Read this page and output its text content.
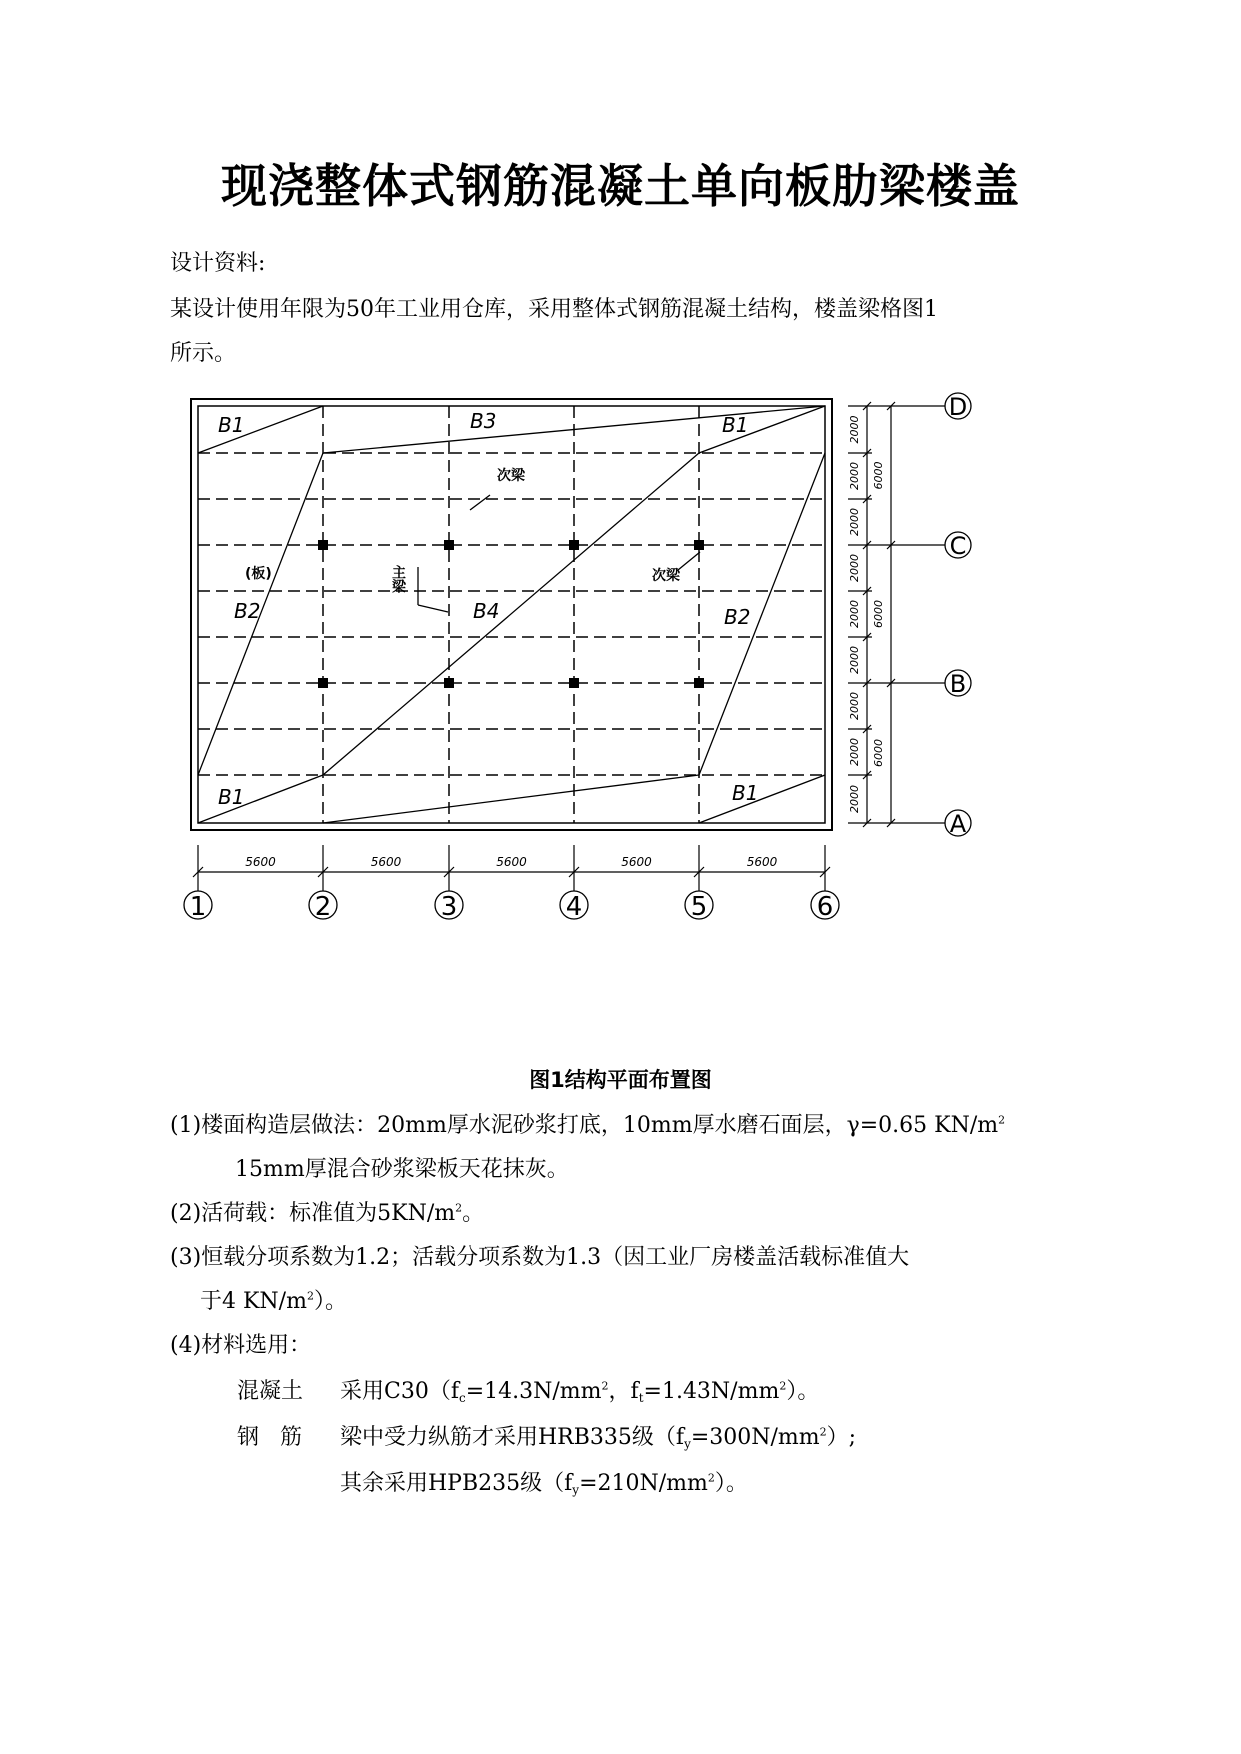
现浇整体式钢筋混凝土单向板肋梁楼盖
设计资料:
某设计使用年限为50年工业用仓库，采用整体式钢筋混凝土结构，楼盖梁格图1
所示。
B1	B3	B1
B2	B4	B2
B1	B1
次梁
次梁
(板)	主梁
5600	5600	5600	5600	5600
1	2	3	4	5	6
2000
2000
2000
2000
2000
2000
2000
2000
2000
6000
6000
6000
D
C
B
A
图1结构平面布置图
(1)楼面构造层做法：20mm厚水泥砂浆打底，10mm厚水磨石面层，γ=0.65 $KN/m^2$
15mm厚混合砂浆梁板天花抹灰。
(2)活荷载：标准值为$5KN/m^2$。
(3)恒载分项系数为1.2；活载分项系数为1.3（因工业厂房楼盖活载标准值大
于4 $KN/m^2$）。
(4)材料选用：
混凝土 采用$C30(f_c=14.3N/mm^2$，$f_t=1.43N/mm^2$）。
钢   筋 梁中受力纵筋才采用HRB335级$(f_y=300N/mm^2)$;
其余采用HPB235级$(f_y=210N/mm^2)$。
